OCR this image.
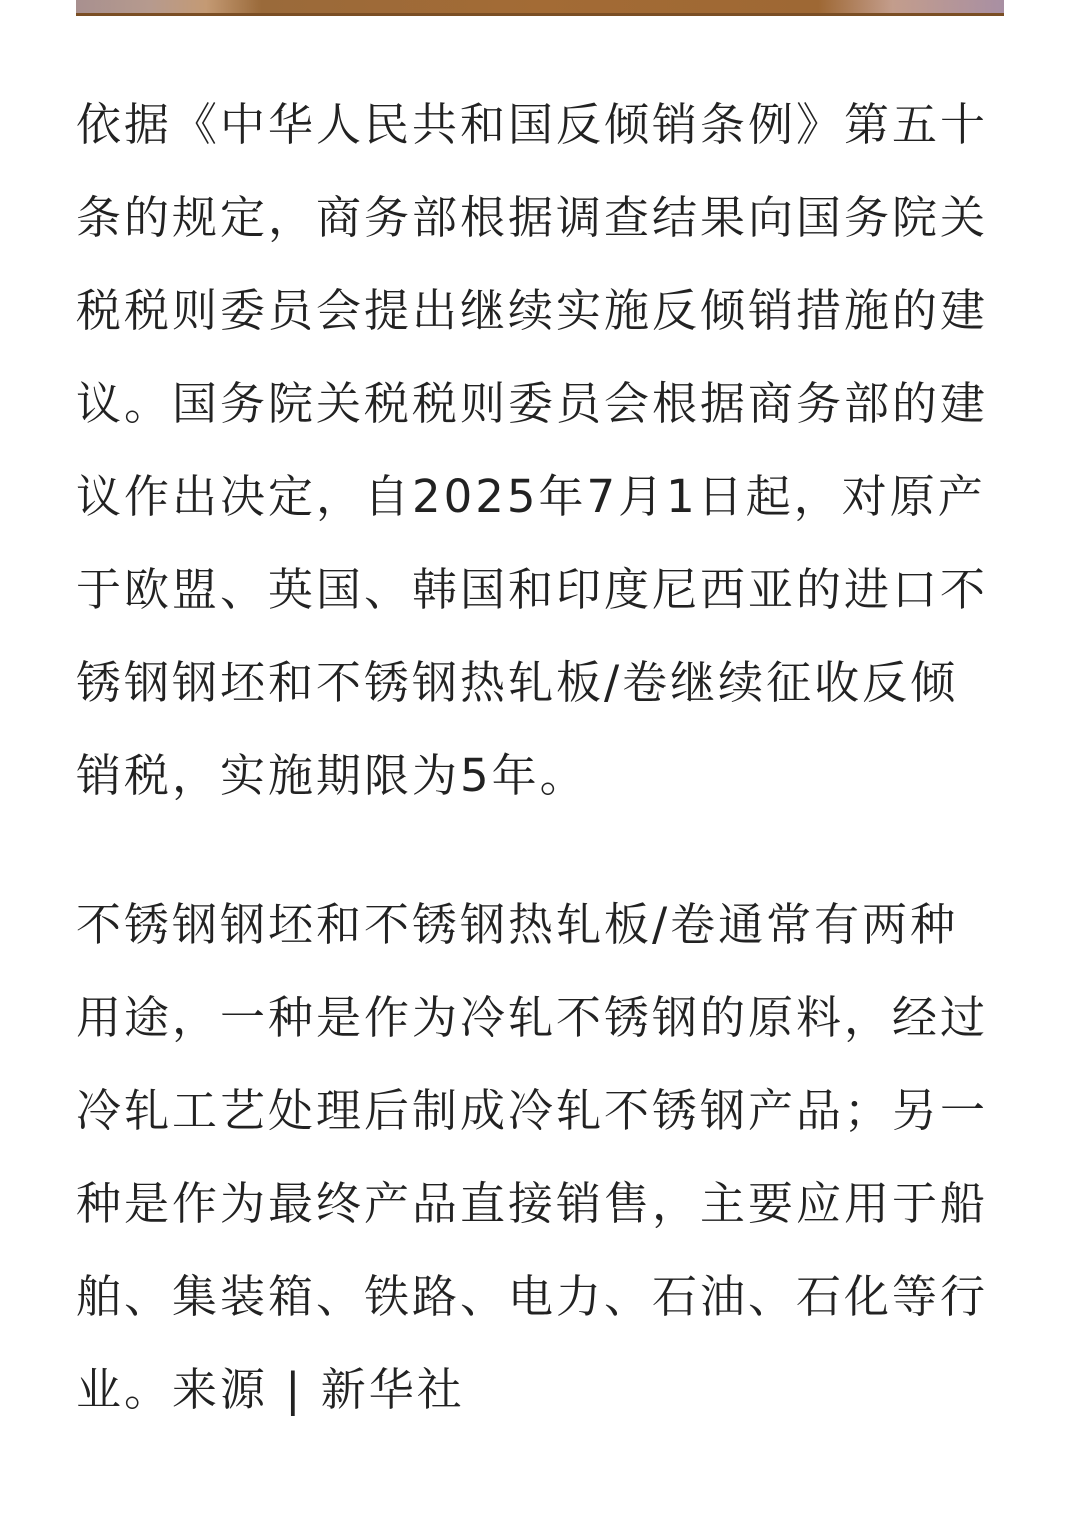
依据《中华人民共和国反倾销条例》第五十条的规定，商务部根据调查结果向国务院关税税则委员会提出继续实施反倾销措施的建议。国务院关税税则委员会根据商务部的建议作出决定，自2025年7月1日起，对原产于欧盟、英国、韩国和印度尼西亚的进口不锈钢钢坯和不锈钢热轧板/卷继续征收反倾销税，实施期限为5年。

不锈钢钢坯和不锈钢热轧板/卷通常有两种用途，一种是作为冷轧不锈钢的原料，经过冷轧工艺处理后制成冷轧不锈钢产品；另一种是作为最终产品直接销售，主要应用于船舶、集装箱、铁路、电力、石油、石化等行业。来源 | 新华社
